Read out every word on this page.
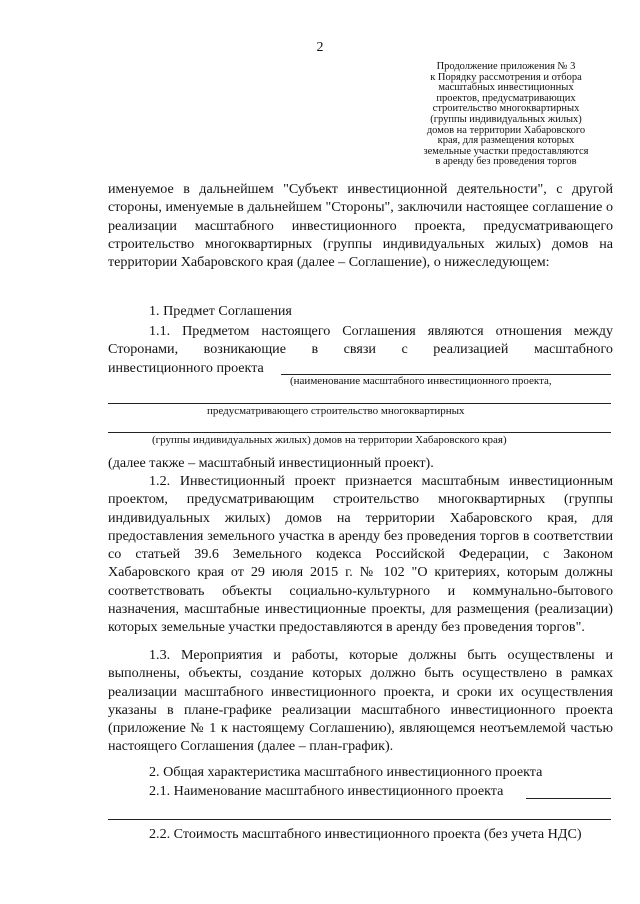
2
Продолжение приложения № 3
к Порядку рассмотрения и отбора
масштабных инвестиционных
проектов, предусматривающих
строительство многоквартирных
(группы индивидуальных жилых)
домов на территории Хабаровского
края, для размещения которых
земельные участки предоставляются
в аренду без проведения торгов
именуемое в дальнейшем "Субъект инвестиционной деятельности", с другой стороны, именуемые в дальнейшем "Стороны", заключили настоящее соглашение о реализации масштабного инвестиционного проекта, предусматривающего строительство многоквартирных (группы индивидуальных жилых) домов на территории Хабаровского края (далее – Соглашение), о нижеследующем:
1. Предмет Соглашения
1.1. Предметом настоящего Соглашения являются отношения между
Сторонами, возникающие в связи с реализацией масштабного
инвестиционного проекта
(наименование масштабного инвестиционного проекта,
предусматривающего строительство многоквартирных
(группы индивидуальных жилых) домов на территории Хабаровского края)
(далее также – масштабный инвестиционный проект).
1.2. Инвестиционный проект признается масштабным инвестиционным проектом, предусматривающим строительство многоквартирных (группы индивидуальных жилых) домов на территории Хабаровского края, для предоставления земельного участка в аренду без проведения торгов в соответствии со статьей 39.6 Земельного кодекса Российской Федерации, с Законом Хабаровского края от 29 июля 2015 г. № 102 "О критериях, которым должны соответствовать объекты социально-культурного и коммунально-бытового назначения, масштабные инвестиционные проекты, для размещения (реализации) которых земельные участки предоставляются в аренду без проведения торгов".
1.3. Мероприятия и работы, которые должны быть осуществлены и выполнены, объекты, создание которых должно быть осуществлено в рамках реализации масштабного инвестиционного проекта, и сроки их осуществления указаны в плане-графике реализации масштабного инвестиционного проекта (приложение № 1 к настоящему Соглашению), являющемся неотъемлемой частью настоящего Соглашения (далее – план-график).
2. Общая характеристика масштабного инвестиционного проекта
2.1. Наименование масштабного инвестиционного проекта
2.2. Стоимость масштабного инвестиционного проекта (без учета НДС)
